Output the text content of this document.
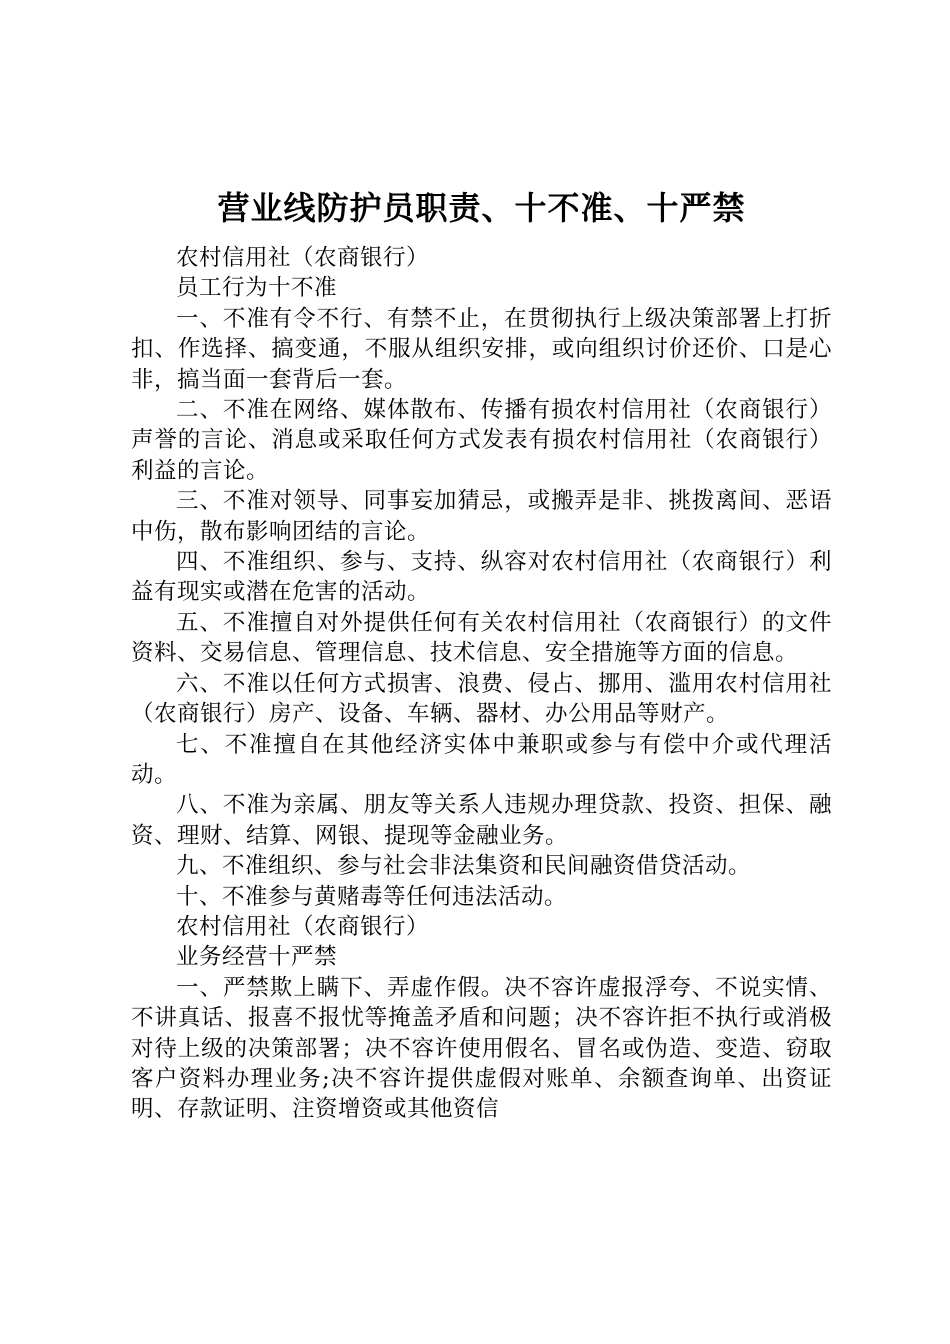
营业线防护员职责、十不准、十严禁

农村信用社（农商银行）

员工行为十不准

一、不准有令不行、有禁不止，在贯彻执行上级决策部署上打折扣、作选择、搞变通，不服从组织安排，或向组织讨价还价、口是心非，搞当面一套背后一套。

二、不准在网络、媒体散布、传播有损农村信用社（农商银行）声誉的言论、消息或采取任何方式发表有损农村信用社（农商银行）利益的言论。

三、不准对领导、同事妄加猜忌，或搬弄是非、挑拨离间、恶语中伤，散布影响团结的言论。

四、不准组织、参与、支持、纵容对农村信用社（农商银行）利益有现实或潜在危害的活动。

五、不准擅自对外提供任何有关农村信用社（农商银行）的文件资料、交易信息、管理信息、技术信息、安全措施等方面的信息。

六、不准以任何方式损害、浪费、侵占、挪用、滥用农村信用社（农商银行）房产、设备、车辆、器材、办公用品等财产。

七、不准擅自在其他经济实体中兼职或参与有偿中介或代理活动。

八、不准为亲属、朋友等关系人违规办理贷款、投资、担保、融资、理财、结算、网银、提现等金融业务。

九、不准组织、参与社会非法集资和民间融资借贷活动。

十、不准参与黄赌毒等任何违法活动。

农村信用社（农商银行）

业务经营十严禁

一、严禁欺上瞒下、弄虚作假。决不容许虚报浮夸、不说实情、不讲真话、报喜不报忧等掩盖矛盾和问题；决不容许拒不执行或消极对待上级的决策部署；决不容许使用假名、冒名或伪造、变造、窃取客户资料办理业务;决不容许提供虚假对账单、余额查询单、出资证明、存款证明、注资增资或其他资信
